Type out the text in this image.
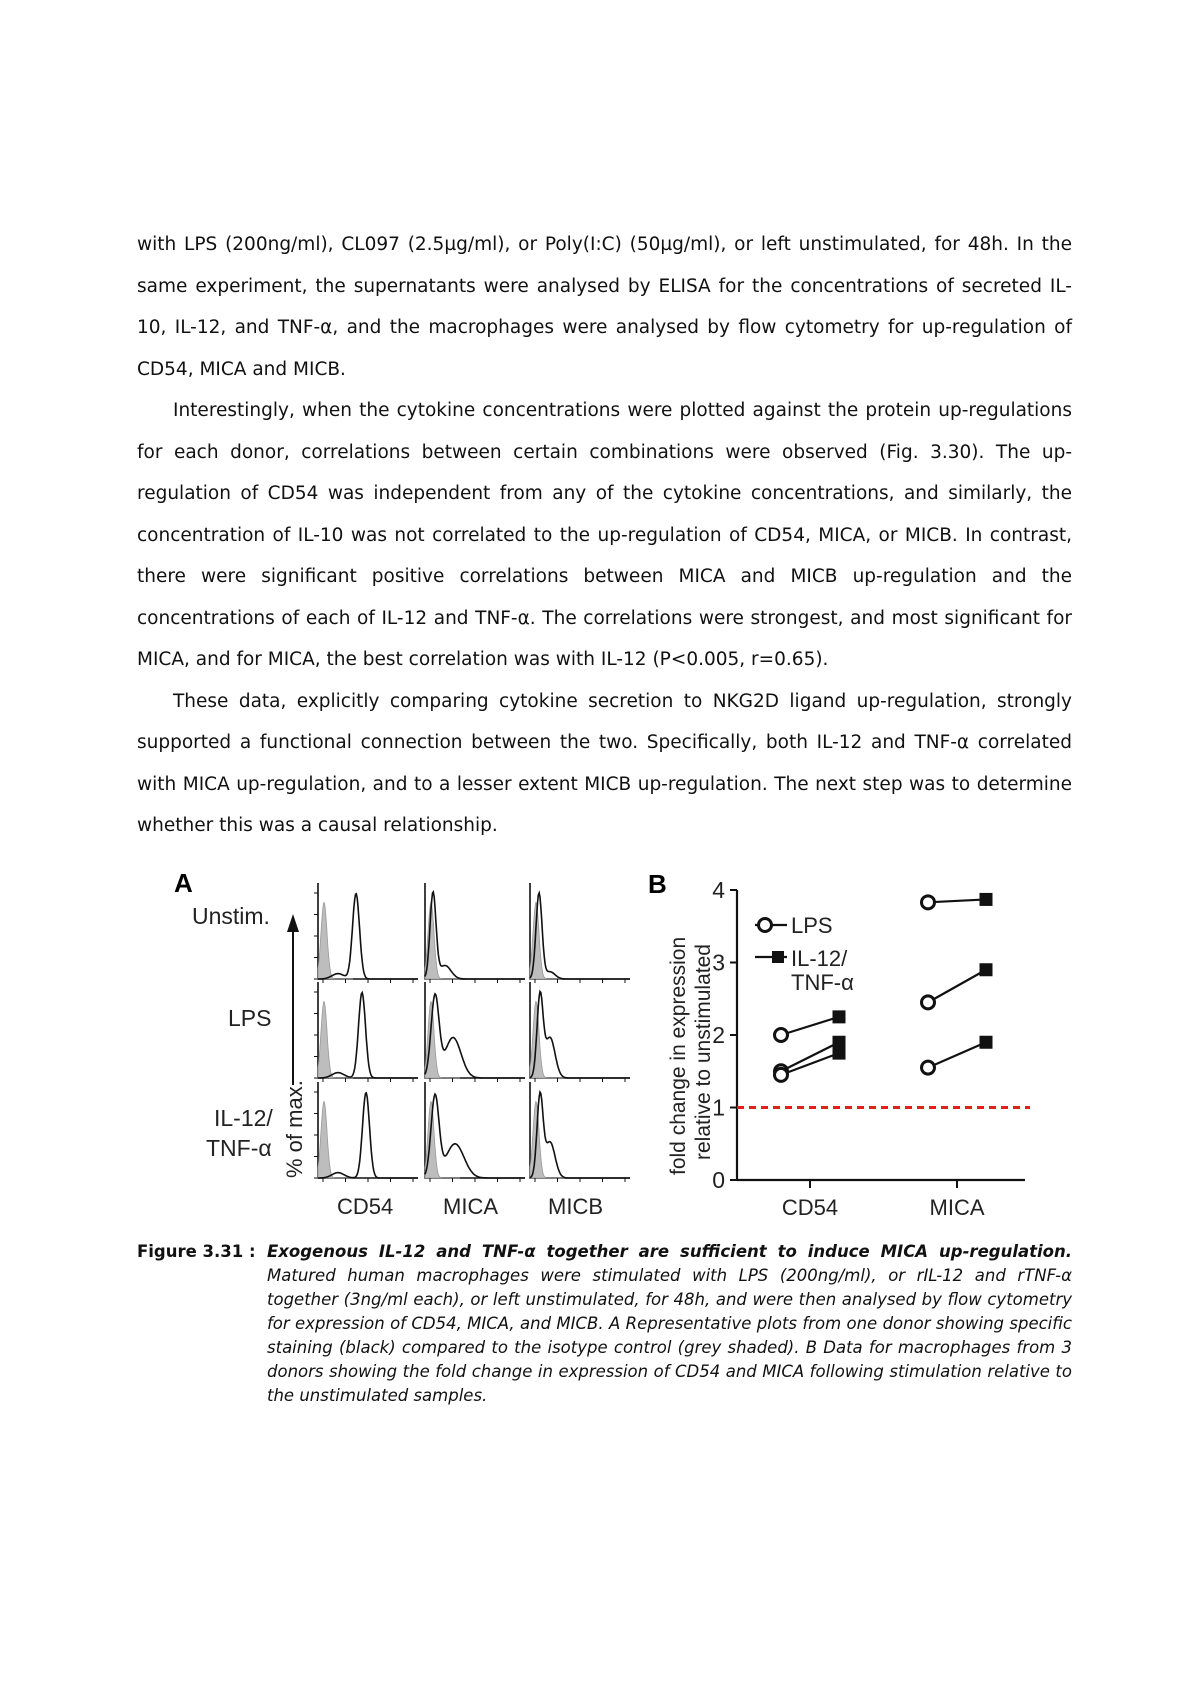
with LPS (200ng/ml), CL097 (2.5µg/ml), or Poly(I:C) (50µg/ml), or left unstimulated, for 48h. In the same experiment, the supernatants were analysed by ELISA for the concentrations of secreted IL-10, IL-12, and TNF-α, and the macrophages were analysed by flow cytometry for up-regulation of CD54, MICA and MICB.

Interestingly, when the cytokine concentrations were plotted against the protein up-regulations for each donor, correlations between certain combinations were observed (Fig. 3.30). The up-regulation of CD54 was independent from any of the cytokine concentrations, and similarly, the concentration of IL-10 was not correlated to the up-regulation of CD54, MICA, or MICB. In contrast, there were significant positive correlations between MICA and MICB up-regulation and the concentrations of each of IL-12 and TNF-α. The correlations were strongest, and most significant for MICA, and for MICA, the best correlation was with IL-12 (P<0.005, r=0.65).

These data, explicitly comparing cytokine secretion to NKG2D ligand up-regulation, strongly supported a functional connection between the two. Specifically, both IL-12 and TNF-α correlated with MICA up-regulation, and to a lesser extent MICB up-regulation. The next step was to determine whether this was a causal relationship.

A
Unstim.
LPS
IL-12/
TNF-α % of max.
CD54 MICA MICB
B
fold change in expression relative to unstimulated
0
1
2
3
4
CD54	MICA
LPS
IL-12/
TNF-α
Figure 3.31 : Exogenous IL-12 and TNF-α together are sufficient to induce MICA up-regulation. Matured human macrophages were stimulated with LPS (200ng/ml), or rIL-12 and rTNF-α together (3ng/ml each), or left unstimulated, for 48h, and were then analysed by flow cytometry for expression of CD54, MICA, and MICB. A Representative plots from one donor showing specific staining (black) compared to the isotype control (grey shaded). B Data for macrophages from 3 donors showing the fold change in expression of CD54 and MICA following stimulation relative to the unstimulated samples.
